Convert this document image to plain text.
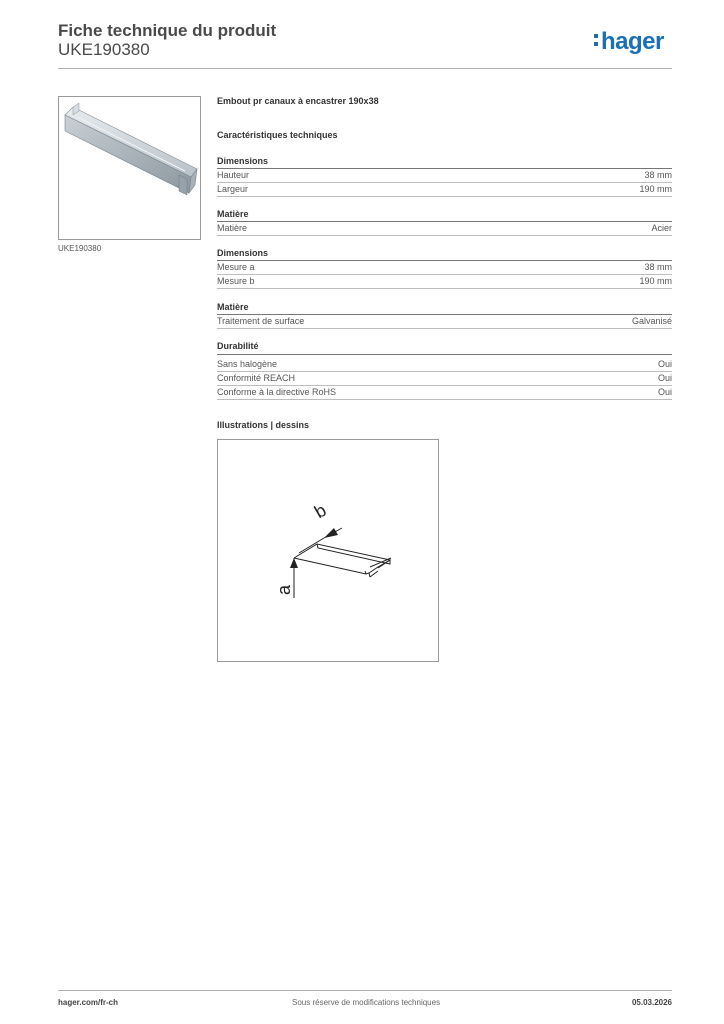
Fiche technique du produit
UKE190380	hager
UKE190380
Embout pr canaux à encastrer 190x38
Caractéristiques techniques
Dimensions
Hauteur	38 mm
Largeur	190 mm
Matière
Matière	Acier
Dimensions
Mesure a	38 mm
Mesure b	190 mm
Matière
Traitement de surface	Galvanisé
Durabilité
Sans halogène	Oui
Conformité REACH	Oui
Conforme à la directive RoHS	Oui
Illustrations | dessins
b
a
hager.com/fr-ch	Sous réserve de modifications techniques	05.03.2026
